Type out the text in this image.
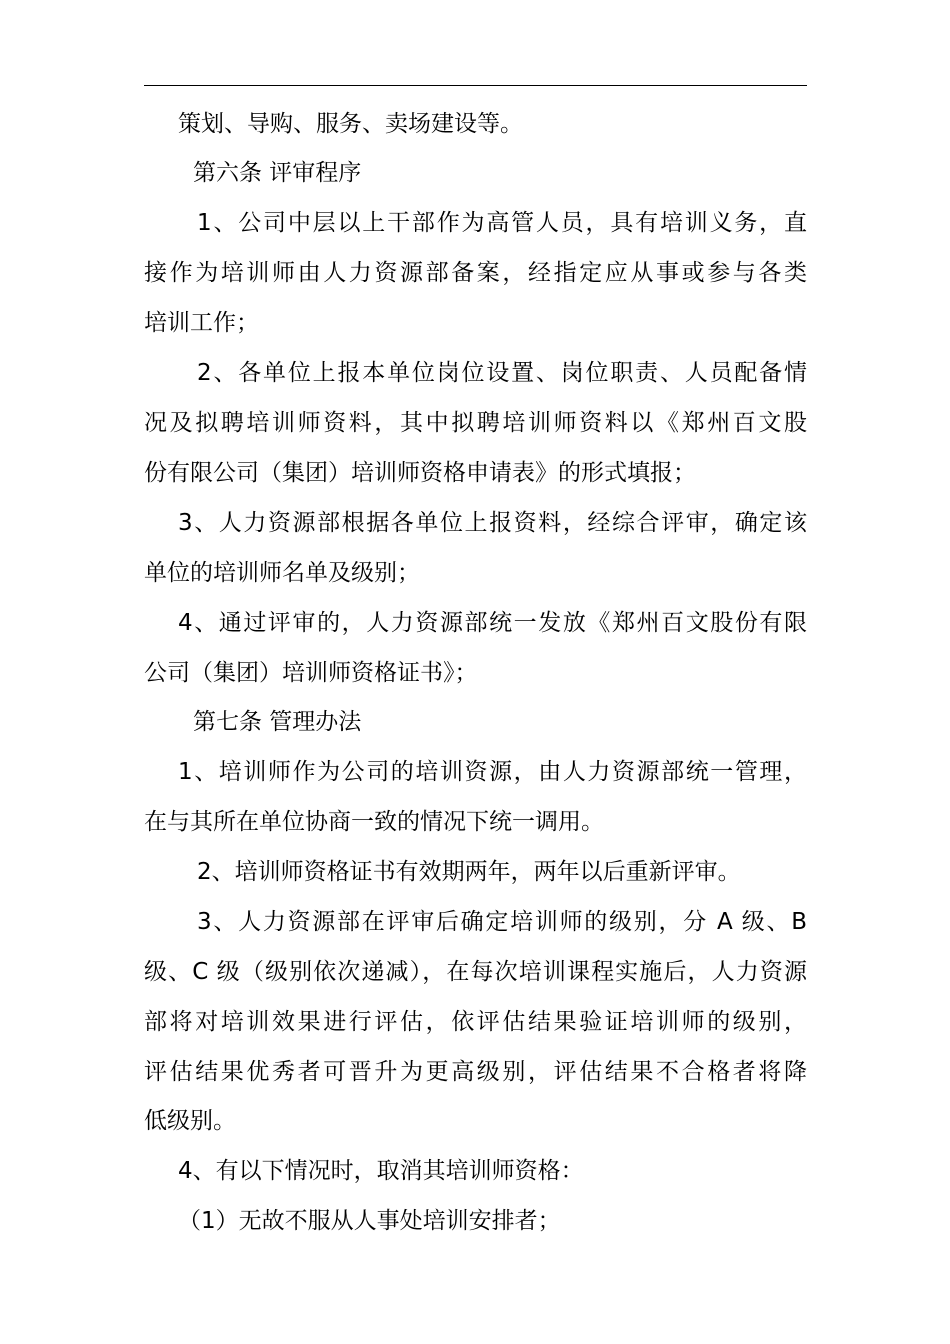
策划、导购、服务、卖场建设等。
第六条 评审程序
1、公司中层以上干部作为高管人员，具有培训义务，直
接作为培训师由人力资源部备案，经指定应从事或参与各类
培训工作；
2、各单位上报本单位岗位设置、岗位职责、人员配备情
况及拟聘培训师资料，其中拟聘培训师资料以《郑州百文股
份有限公司（集团）培训师资格申请表》的形式填报；
3、人力资源部根据各单位上报资料，经综合评审，确定该
单位的培训师名单及级别；
4、通过评审的，人力资源部统一发放《郑州百文股份有限
公司（集团）培训师资格证书》；
第七条 管理办法
1、培训师作为公司的培训资源，由人力资源部统一管理，
在与其所在单位协商一致的情况下统一调用。
2、培训师资格证书有效期两年，两年以后重新评审。
3、人力资源部在评审后确定培训师的级别，分 A 级、B
级、C 级（级别依次递减），在每次培训课程实施后，人力资源
部将对培训效果进行评估，依评估结果验证培训师的级别，
评估结果优秀者可晋升为更高级别，评估结果不合格者将降
低级别。
4、有以下情况时，取消其培训师资格：
（1）无故不服从人事处培训安排者；
